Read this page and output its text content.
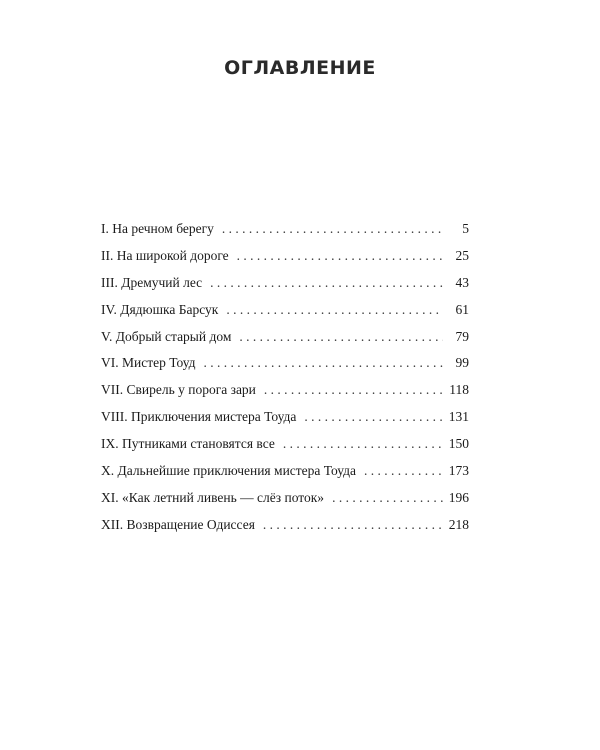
ОГЛАВЛЕНИЕ
I. На речном берегу . . .	5
II. На широкой дороге . . .	25
III. Дремучий лес . . .	43
IV. Дядюшка Барсук . . .	61
V. Добрый старый дом . . .	79
VI. Мистер Тоуд . . .	99
VII. Свирель у порога зари . . .	118
VIII. Приключения мистера Тоуда . . .	131
IX. Путниками становятся все . . .	150
X. Дальнейшие приключения мистера Тоуда . . .	173
XI. «Как летний ливень — слёз поток» . . .	196
XII. Возвращение Одиссея . . .	218
